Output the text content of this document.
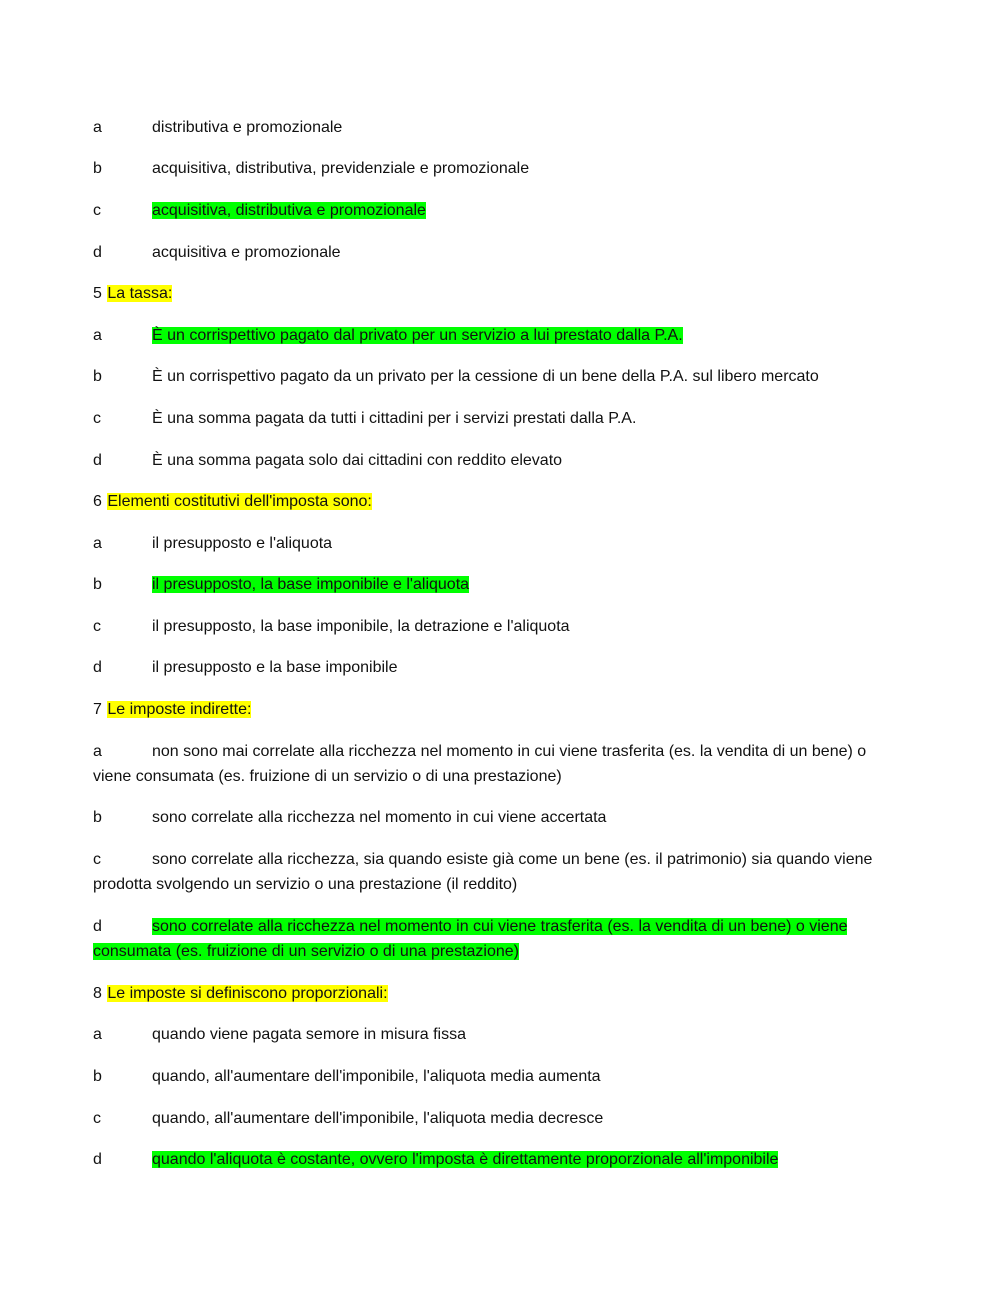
a	distributiva e promozionale
b	acquisitiva, distributiva, previdenziale e promozionale
c	acquisitiva, distributiva e promozionale
d	acquisitiva e promozionale
5 La tassa:
a	È un corrispettivo pagato dal privato per un servizio a lui prestato dalla P.A.
b	È un corrispettivo pagato da un privato per la cessione di un bene della P.A. sul libero mercato
c	È una somma pagata da tutti i cittadini per i servizi prestati dalla P.A.
d	È una somma pagata solo dai cittadini con reddito elevato
6 Elementi costitutivi dell'imposta sono:
a	il presupposto e l'aliquota
b	il presupposto, la base imponibile e l'aliquota
c	il presupposto, la base imponibile, la detrazione e l'aliquota
d	il presupposto e la base imponibile
7 Le imposte indirette:
a	non sono mai correlate alla ricchezza nel momento in cui viene trasferita (es. la vendita di un bene) o viene consumata (es. fruizione di un servizio o di una prestazione)
b	sono correlate alla ricchezza nel momento in cui viene accertata
c	sono correlate alla ricchezza, sia quando esiste già come un bene (es. il patrimonio) sia quando viene prodotta svolgendo un servizio o una prestazione (il reddito)
d	sono correlate alla ricchezza nel momento in cui viene trasferita (es. la vendita di un bene) o viene consumata (es. fruizione di un servizio o di una prestazione)
8 Le imposte si definiscono proporzionali:
a	quando viene pagata semore in misura fissa
b	quando, all'aumentare dell'imponibile, l'aliquota media aumenta
c	quando, all'aumentare dell'imponibile, l'aliquota media decresce
d	quando l'aliquota è costante, ovvero l'imposta è direttamente proporzionale all'imponibile
